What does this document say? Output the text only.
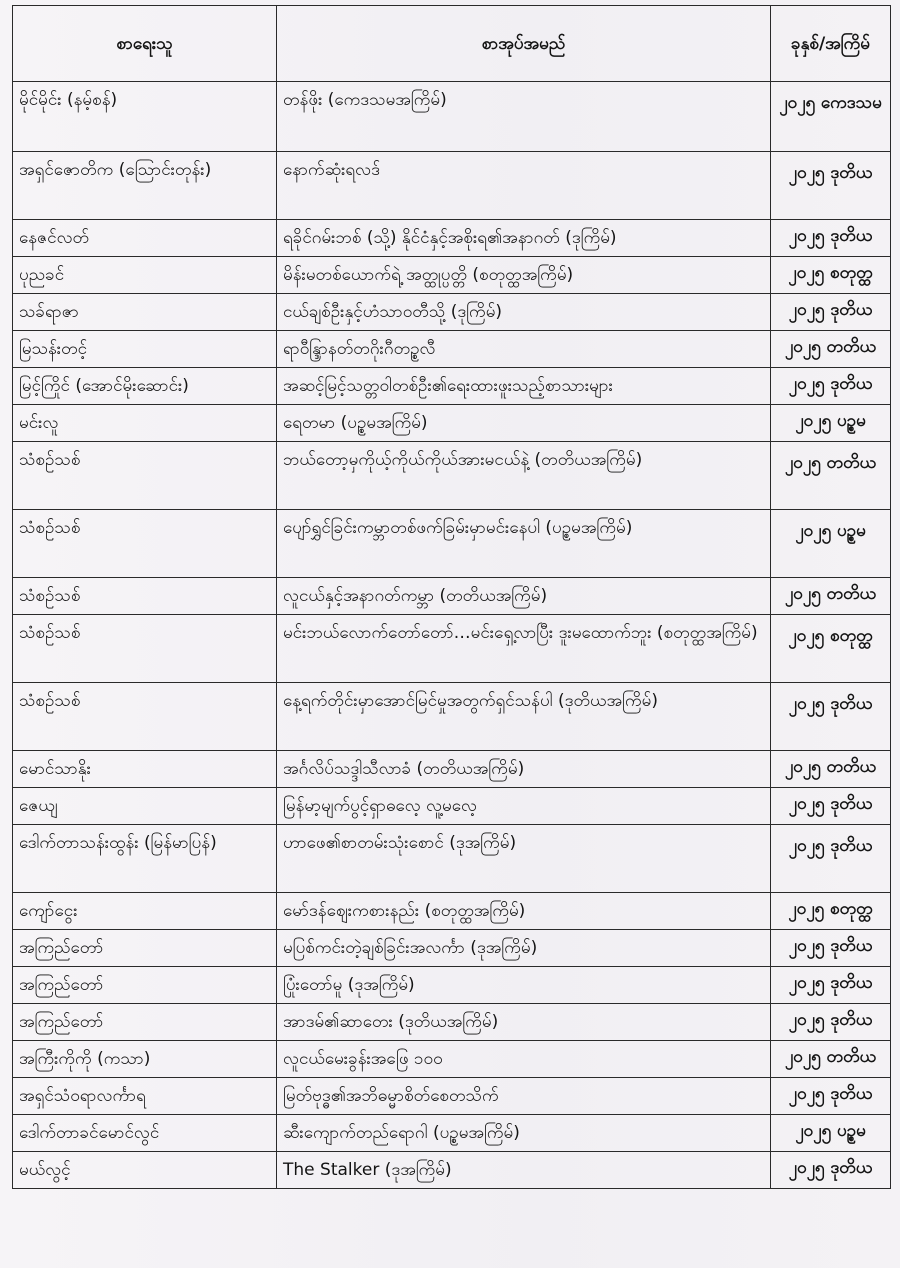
စာရေးသူ	စာအုပ်အမည်	ခုနှစ်/အကြိမ်
မိုင်မိုင်း (နမ့်စန်)	တန်ဖိုး (ကေဒသမအကြိမ်)	၂၀၂၅ ကေဒသမ
အရှင်ဇောတိက (သြောင်းတုန်း)	နောက်ဆုံးရလဒ်	၂၀၂၅ ဒုတိယ
နေဇင်လတ်	ရခိုင်ဂမ်းဘစ် (သို့) နိုင်ငံနှင့်အစိုးရ၏အနာဂတ် (ဒုကြိမ်)	၂၀၂၅ ဒုတိယ
ပုညခင်	မိန်းမတစ်ယောက်ရဲ့ အတ္ထုပ္ပတ္တိ (စတုတ္ထအကြိမ်)	၂၀၂၅ စတုတ္ထ
သခ်ရာဇာ	ငယ်ချစ်ဦးနှင့်ဟံသာဝတီသို့ (ဒုကြိမ်)	၂၀၂၅ ဒုတိယ
မြသန်းတင့်	ရာဝီန္ဒြာနတ်တဂိုးဂီတဥ္စလီ	၂၀၂၅ တတိယ
မြင့်ကြိုင် (အောင်မိုးဆောင်း)	အဆင့်မြင့်သတ္တဝါတစ်ဦး၏ရေးထားဖူးသည့်စာသားများ	၂၀၂၅ ဒုတိယ
မင်းလူ	ရေတမာ (ပဥ္စမအကြိမ်)	၂၀၂၅ ပဥ္စမ
သံစဉ်သစ်	ဘယ်တော့မှကိုယ့်ကိုယ်ကိုယ်အားမငယ်နဲ့ (တတိယအကြိမ်)	၂၀၂၅ တတိယ
သံစဉ်သစ်	ပျော်ရွှင်ခြင်းကမ္ဘာတစ်ဖက်ခြမ်းမှာမင်းနေပါ (ပဥ္စမအကြိမ်)	၂၀၂၅ ပဥ္စမ
သံစဉ်သစ်	လူငယ်နှင့်အနာဂတ်ကမ္ဘာ (တတိယအကြိမ်)	၂၀၂၅ တတိယ
သံစဉ်သစ်	မင်းဘယ်လောက်တော်တော်…မင်းရှေ့လာပြီး ဒူးမထောက်ဘူး (စတုတ္ထအကြိမ်)	၂၀၂၅ စတုတ္ထ
သံစဉ်သစ်	နေ့ရက်တိုင်းမှာအောင်မြင်မှုအတွက်ရှင်သန်ပါ (ဒုတိယအကြိမ်)	၂၀၂၅ ဒုတိယ
မောင်သာနိုး	အင်္ဂလိပ်သဒ္ဒါသီလာခံ (တတိယအကြိမ်)	၂၀၂၅ တတိယ
ဇေယျ	မြန်မာ့မျက်ပွင့်ရှာဓလေ့ လူ့မလေ့	၂၀၂၅ ဒုတိယ
ဒေါက်တာသန်းထွန်း (မြန်မာပြန်)	ဟာဖေ၏စာတမ်းသုံးစောင် (ဒုအကြိမ်)	၂၀၂၅ ဒုတိယ
ကျော်ငွေး	မော်ဒန်ဈေးကစားနည်း (စတုတ္ထအကြိမ်)	၂၀၂၅ စတုတ္ထ
အကြည်တော်	မပြစ်ကင်းတဲ့ချစ်ခြင်းအလင်္ကာ (ဒုအကြိမ်)	၂၀၂၅ ဒုတိယ
အကြည်တော်	ပြုံးတော်မူ (ဒုအကြိမ်)	၂၀၂၅ ဒုတိယ
အကြည်တော်	အာဒမ်၏ဆာတေး (ဒုတိယအကြိမ်)	၂၀၂၅ ဒုတိယ
အကြီးကိုကို (ကသာ)	လူငယ်မေးခွန်းအဖြေ ၁၀၀	၂၀၂၅ တတိယ
အရှင်သံဝရာလင်္ကာရ	မြတ်ဗုဒ္ဓ၏အဘိဓမ္မာစိတ်စေတသိက်	၂၀၂၅ ဒုတိယ
ဒေါက်တာခင်မောင်လွင်	ဆီးကျောက်တည်ရောဂါ (ပဥ္စမအကြိမ်)	၂၀၂၅ ပဥ္စမ
မယ်လွင့်	The Stalker (ဒုအကြိမ်)	၂၀၂၅ ဒုတိယ
